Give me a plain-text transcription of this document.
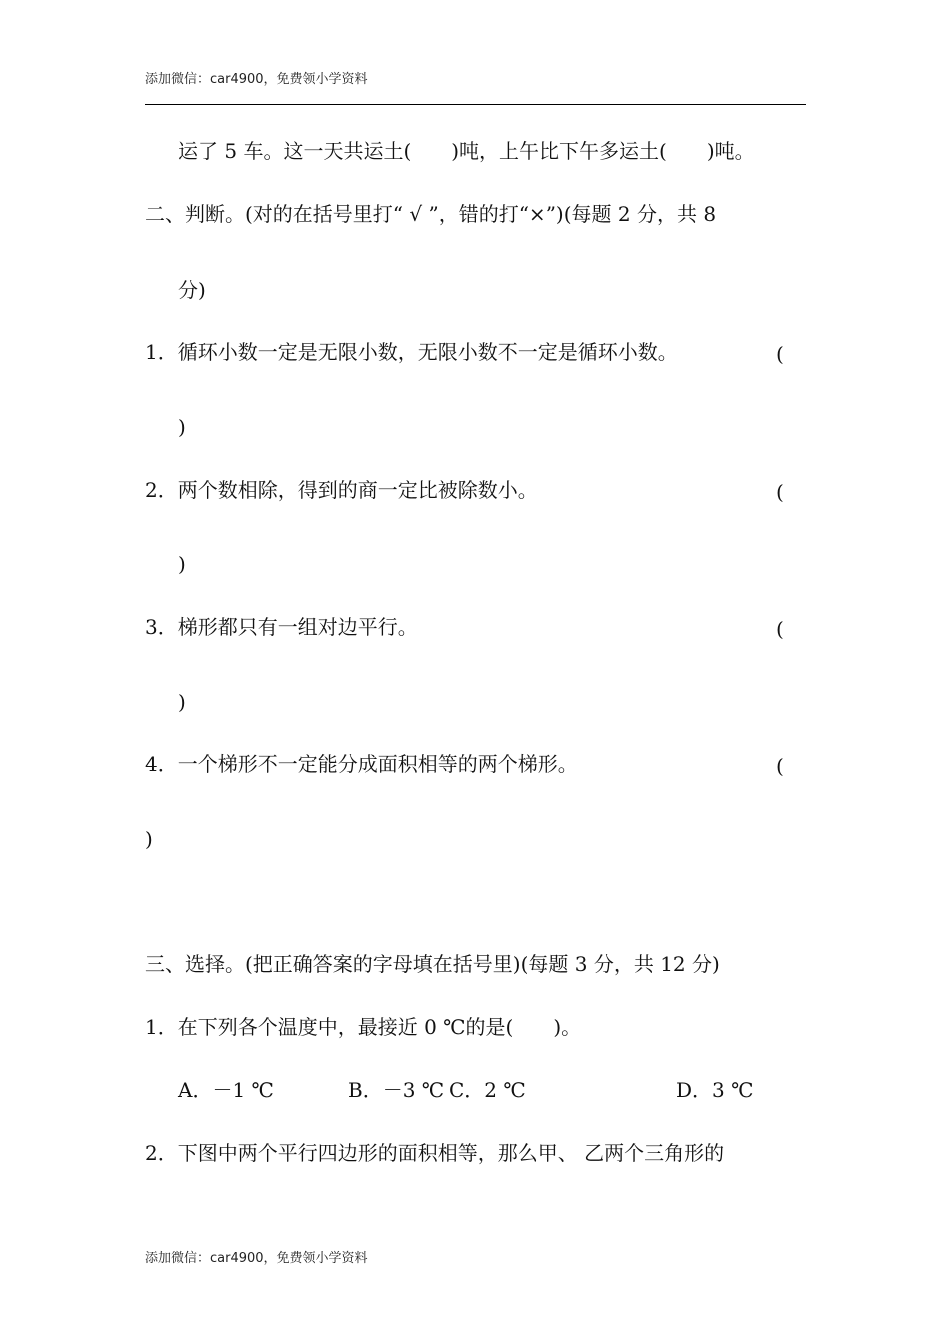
添加微信：car4900，免费领小学资料
运了 5 车。这一天共运土(　　)吨，上午比下午多运土(　　)吨。
二、判断。(对的在括号里打“ √ ”，错的打“×”)(每题 2 分，共 8
分)
1．循环小数一定是无限小数，无限小数不一定是循环小数。	(
)
2．两个数相除，得到的商一定比被除数小。	(
)
3．梯形都只有一组对边平行。	(
)
4．一个梯形不一定能分成面积相等的两个梯形。	(
)
三、选择。(把正确答案的字母填在括号里)(每题 3 分，共 12 分)
1．在下列各个温度中，最接近 0 ℃的是(　　)。
A．－1 ℃	B．－3 ℃ C．2 ℃	D．3 ℃
2．下图中两个平行四边形的面积相等，那么甲、 乙两个三角形的
添加微信：car4900，免费领小学资料
